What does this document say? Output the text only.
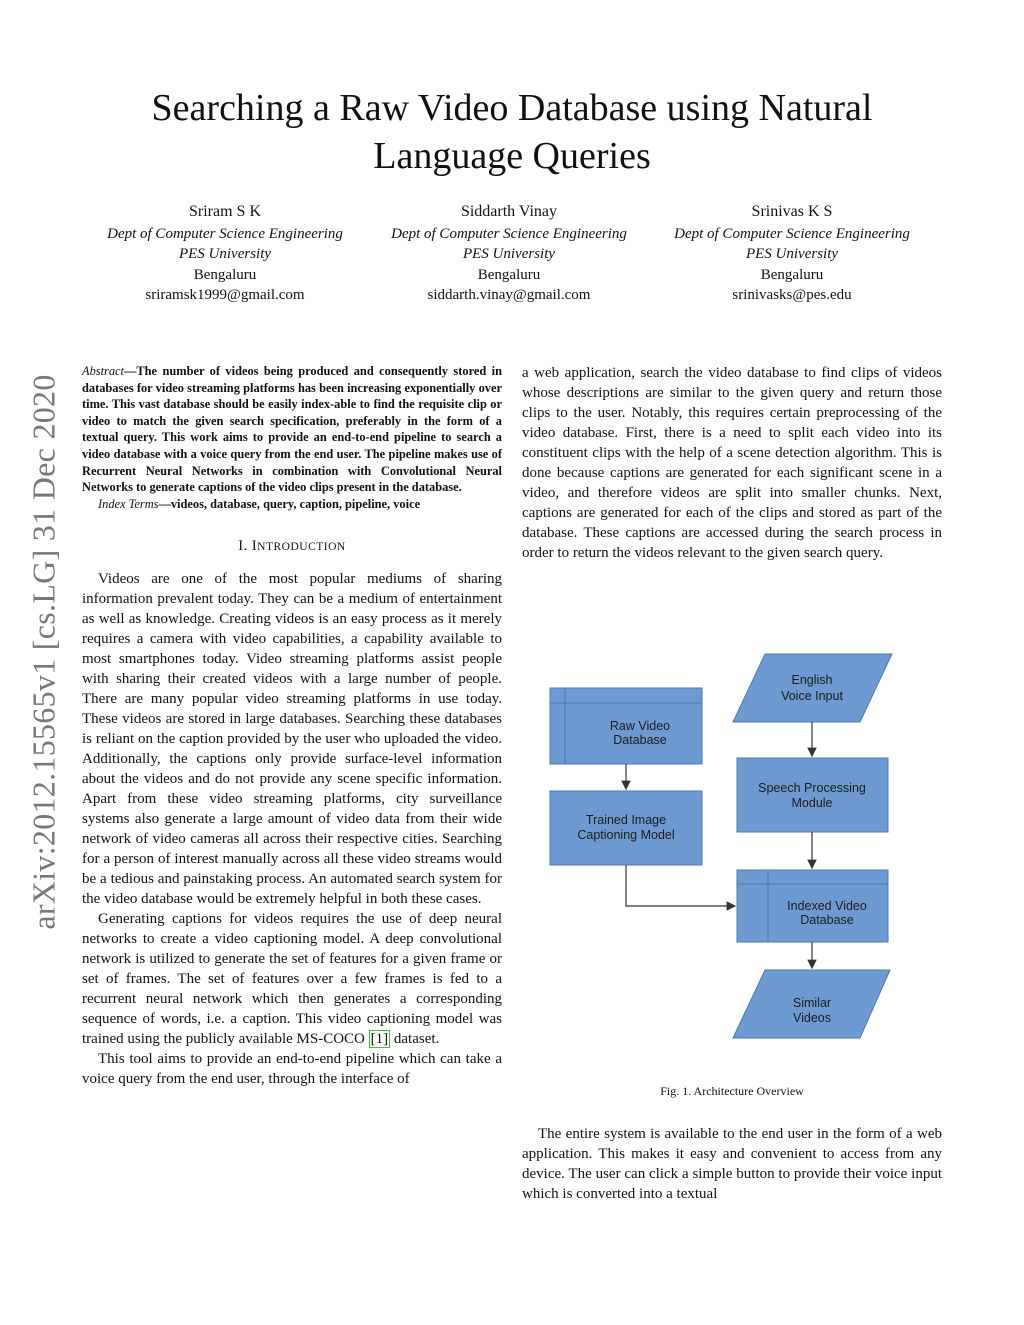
Searching a Raw Video Database using Natural
Language Queries
Sriram S K
Dept of Computer Science Engineering
PES University
Bengaluru
sriramsk1999@gmail.com
Siddarth Vinay
Dept of Computer Science Engineering
PES University
Bengaluru
siddarth.vinay@gmail.com
Srinivas K S
Dept of Computer Science Engineering
PES University
Bengaluru
srinivasks@pes.edu
arXiv:2012.15565v1 [cs.LG] 31 Dec 2020

Abstract—The number of videos being produced and consequently stored in databases for video streaming platforms has been increasing exponentially over time. This vast database should be easily index-able to find the requisite clip or video to match the given search specification, preferably in the form of a textual query. This work aims to provide an end-to-end pipeline to search a video database with a voice query from the end user. The pipeline makes use of Recurrent Neural Networks in combination with Convolutional Neural Networks to generate captions of the video clips present in the database.

Index Terms—videos, database, query, caption, pipeline, voice

I. INTRODUCTION

Videos are one of the most popular mediums of sharing information prevalent today. They can be a medium of entertainment as well as knowledge. Creating videos is an easy process as it merely requires a camera with video capabilities, a capability available to most smartphones today. Video streaming platforms assist people with sharing their created videos with a large number of people. There are many popular video streaming platforms in use today. These videos are stored in large databases. Searching these databases is reliant on the caption provided by the user who uploaded the video. Additionally, the captions only provide surface-level information about the videos and do not provide any scene specific information. Apart from these video streaming platforms, city surveillance systems also generate a large amount of video data from their wide network of video cameras all across their respective cities. Searching for a person of interest manually across all these video streams would be a tedious and painstaking process. An automated search system for the video database would be extremely helpful in both these cases.

Generating captions for videos requires the use of deep neural networks to create a video captioning model. A deep convolutional network is utilized to generate the set of features for a given frame or set of frames. The set of features over a few frames is fed to a recurrent neural network which then generates a corresponding sequence of words, i.e. a caption. This video captioning model was trained using the publicly available MS-COCO [1] dataset.

This tool aims to provide an end-to-end pipeline which can take a voice query from the end user, through the interface of

a web application, search the video database to find clips of videos whose descriptions are similar to the given query and return those clips to the user. Notably, this requires certain preprocessing of the video database. First, there is a need to split each video into its constituent clips with the help of a scene detection algorithm. This is done because captions are generated for each significant scene in a video, and therefore videos are split into smaller chunks. Next, captions are generated for each of the clips and stored as part of the database. These captions are accessed during the search process in order to return the videos relevant to the given search query.

English
Voice Input
Raw Video
Database
Speech Processing
Module
Trained Image
Captioning Model
Indexed Video
Database
Similar
Videos
Fig. 1. Architecture Overview

The entire system is available to the end user in the form of a web application. This makes it easy and convenient to access from any device. The user can click a simple button to provide their voice input which is converted into a textual
